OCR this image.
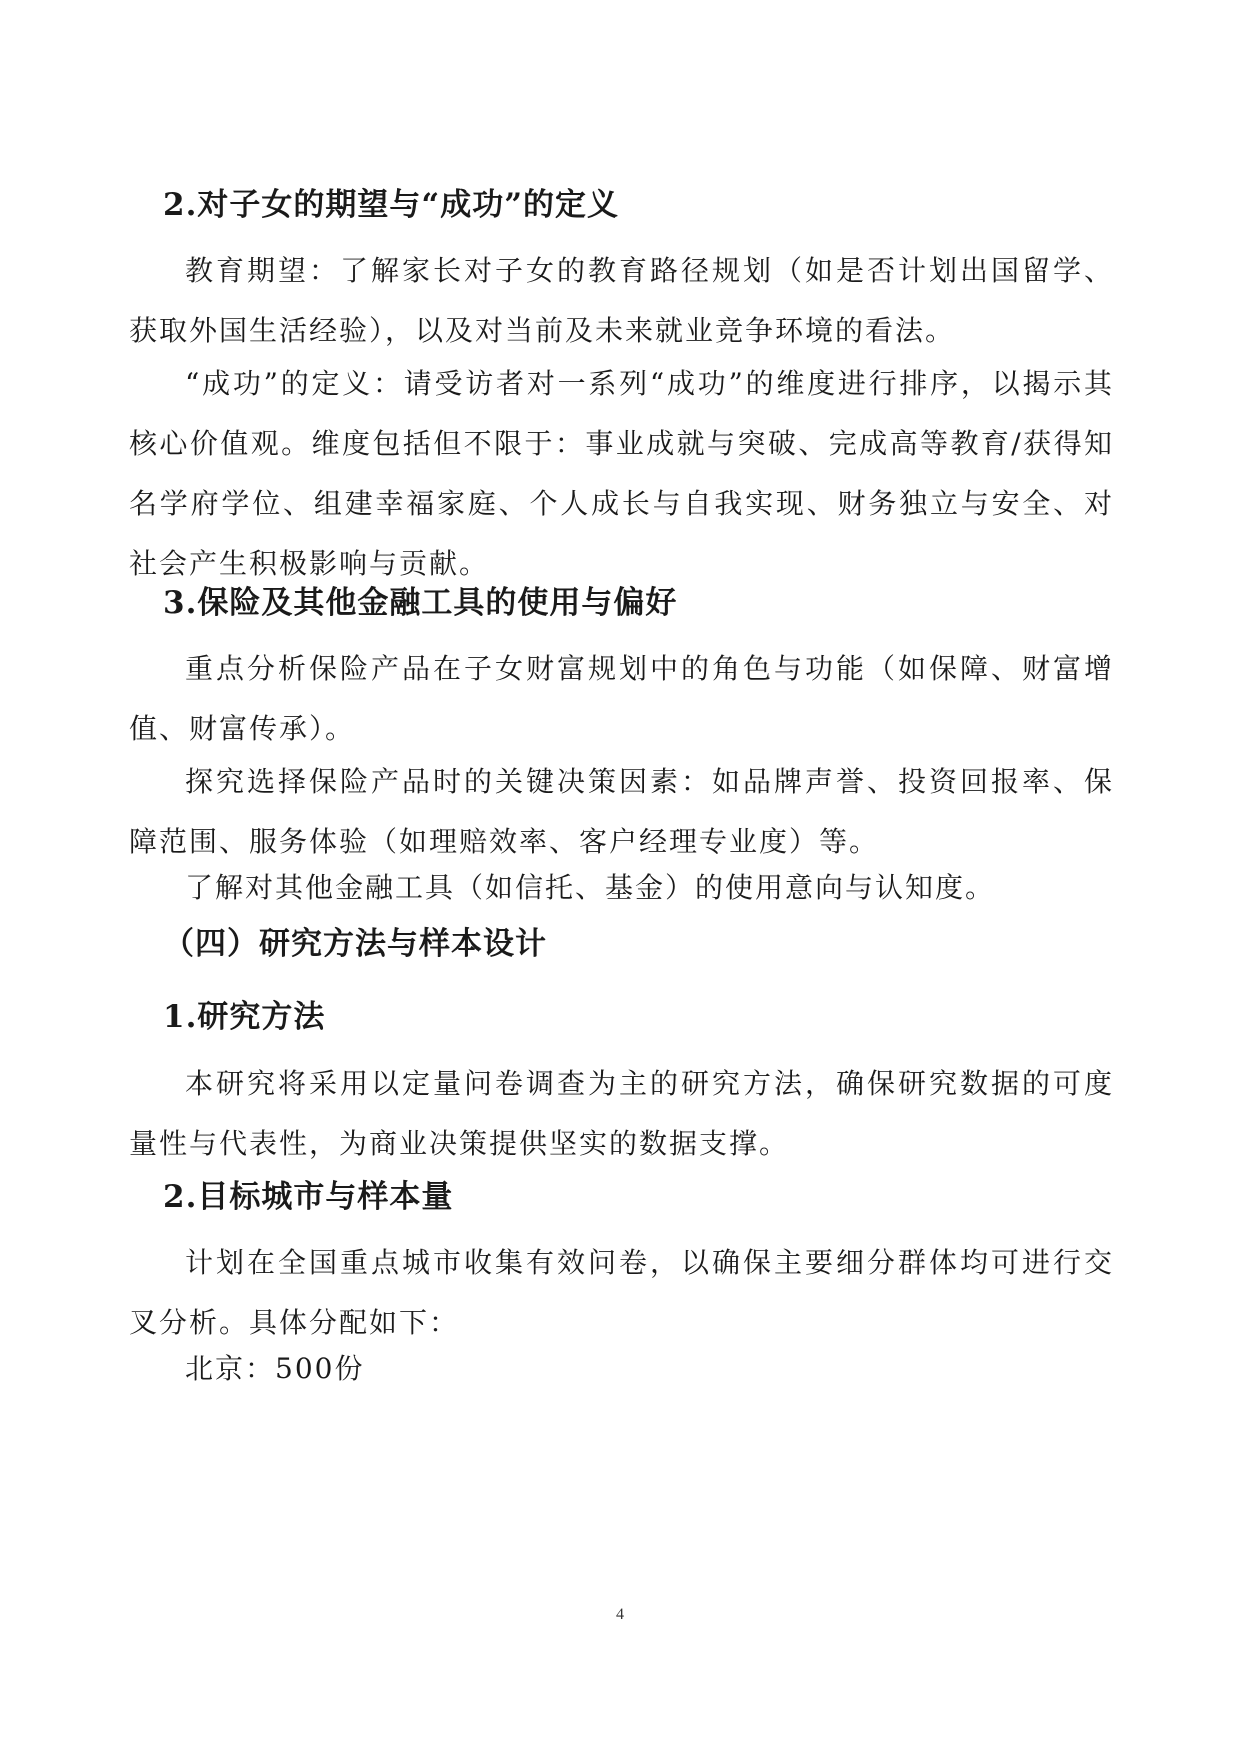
2.对子女的期望与“成功”的定义

教育期望：了解家长对子女的教育路径规划（如是否计划出国留学、获取外国生活经验），以及对当前及未来就业竞争环境的看法。

“成功”的定义：请受访者对一系列“成功”的维度进行排序，以揭示其核心价值观。维度包括但不限于：事业成就与突破、完成高等教育/获得知名学府学位、组建幸福家庭、个人成长与自我实现、财务独立与安全、对社会产生积极影响与贡献。

3.保险及其他金融工具的使用与偏好

重点分析保险产品在子女财富规划中的角色与功能（如保障、财富增值、财富传承）。

探究选择保险产品时的关键决策因素：如品牌声誉、投资回报率、保障范围、服务体验（如理赔效率、客户经理专业度）等。

了解对其他金融工具（如信托、基金）的使用意向与认知度。

（四）研究方法与样本设计
1.研究方法

本研究将采用以定量问卷调查为主的研究方法，确保研究数据的可度量性与代表性，为商业决策提供坚实的数据支撑。

2.目标城市与样本量

计划在全国重点城市收集有效问卷，以确保主要细分群体均可进行交叉分析。具体分配如下：

北京：500份

4
